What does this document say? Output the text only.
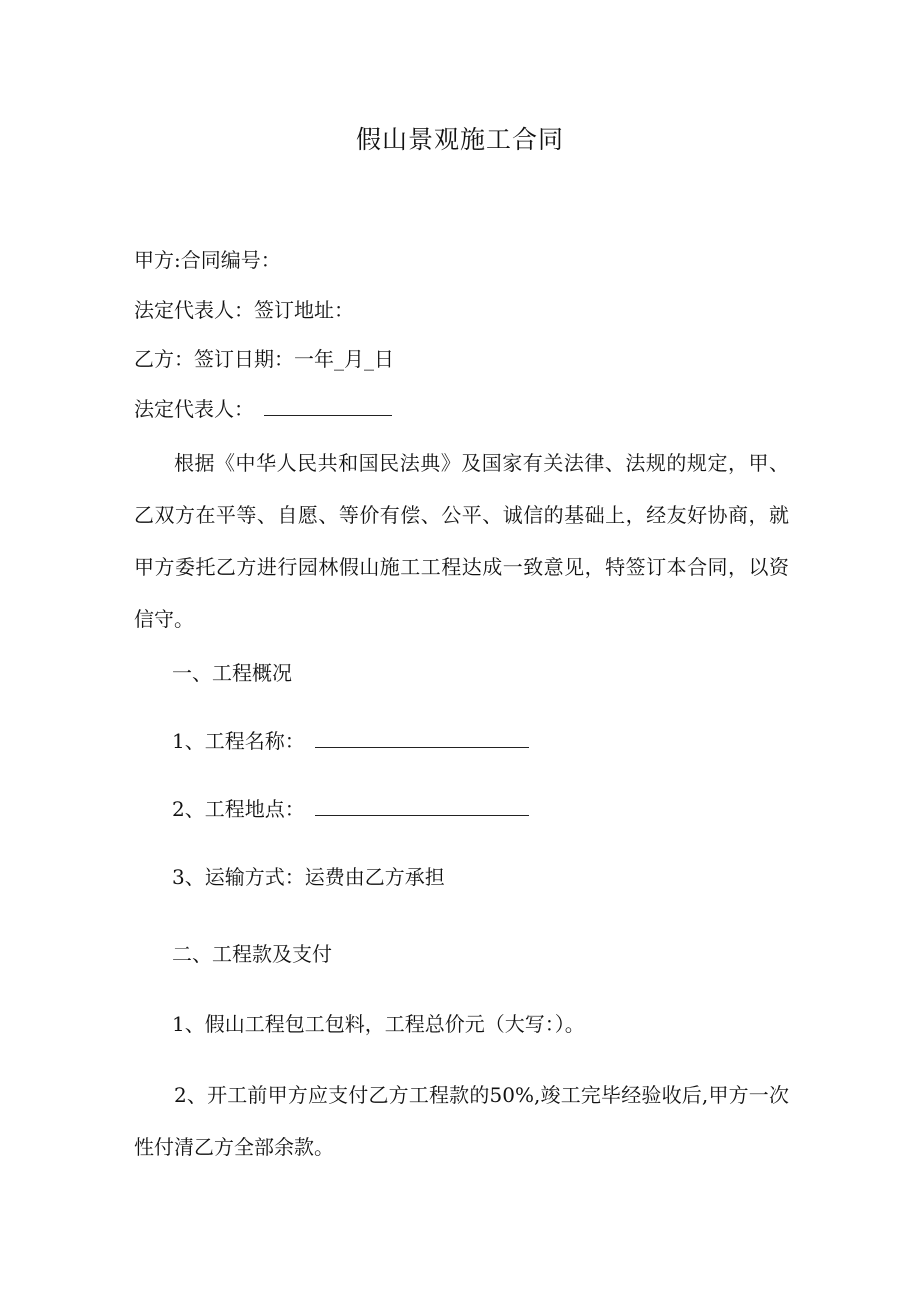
假山景观施工合同
甲方:合同编号：
法定代表人：签订地址：
乙方：签订日期：一年_月_日
法定代表人：
根据《中华人民共和国民法典》及国家有关法律、法规的规定，甲、乙双方在平等、自愿、等价有偿、公平、诚信的基础上，经友好协商，就甲方委托乙方进行园林假山施工工程达成一致意见，特签订本合同，以资信守。
一、工程概况
1、工程名称：
2、工程地点：
3、运输方式：运费由乙方承担
二、工程款及支付
1、假山工程包工包料，工程总价元（大写：）。
2、开工前甲方应支付乙方工程款的50%,竣工完毕经验收后,甲方一次性付清乙方全部余款。
